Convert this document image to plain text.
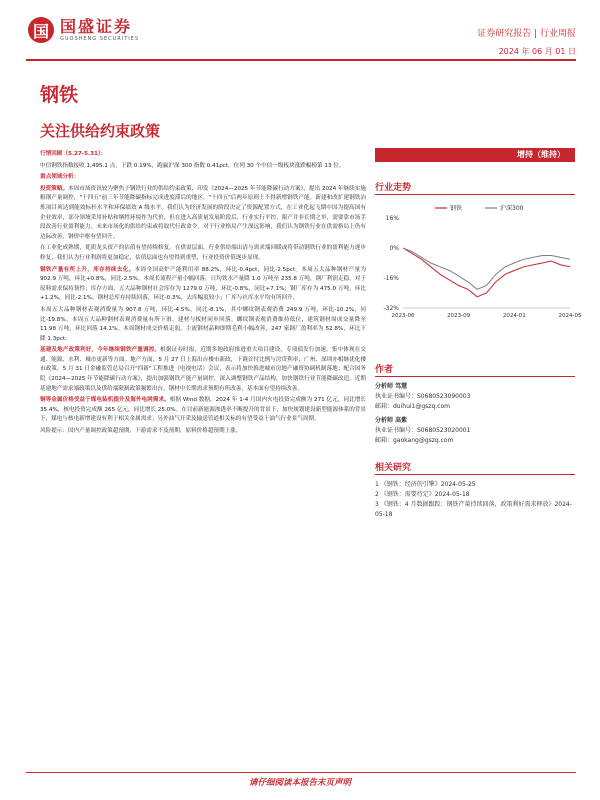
国 国盛证券
GUOSHENG SECURITIES	证券研究报告 | 行业周报
2024 年 06 月 01 日
钢铁
关注供给约束政策

行情回顾（5.27-5.31）：

中信钢铁指数报收 1,495.1 点，下跌 0.19%，跑赢沪深 300 指数 0.41pct，位列 30 个中信一级板块涨跌幅榜第 13 位。

重点领域分析：

投资策略。本周市场资讯较为聚焦于钢铁行业的供给约束政策，印发《2024—2025 年节能降碳行动方案》，提出 2024 年继续实施粗钢产量调控，"十四五"前三年节能降碳指标完成进度滞后的地区，"十四五"后两年原则上不得新增钢铁产能。新建和改扩建钢铁冶炼项目须达到能效标杆水平和环保绩效 A 级水平。我们认为经济发展的阶段决定了资源配置方式，在工业化起飞期中国为提高国有企业效率，部分领域采用补贴和牺牲环境作为代价，但在进入高质量发展阶段后，行业实行平控、限产并非长期之举，需要靠市场手段改善行业盈利能力。未来市场化的供给约束或将取代行政命令，对于行业格局产生深远影响，我们认为钢铁行业在供需格局上仍有边际改善，钢价中枢有望回升。

在工业化成熟期，优质龙头资产的估值有望持续修复。在供需层面，行业供给端出清与需求端回暖或将带动钢铁行业的盈利能力逐步修复，我们认为行业利润将更加稳定，估值层面也有望得到重塑，行业投资价值逐步显现。

钢铁产量有所上升，库存持续去化。本周全国高炉产能利用率 88.2%，环比-0.4pct，同比-2.5pct。本周五大品种钢材产量为 902.9 万吨，环比+0.8%，同比-2.5%。本周长流程产量小幅回落，日均铁水产量降 1.0 万吨至 235.8 万吨，钢厂利润走稳，对于原料需求保持韧性；库存方面，五大品种钢材社会库存为 1279.0 万吨，环比-0.8%，同比+7.1%；钢厂库存为 475.0 万吨，环比+1.2%，同比-2.1%。钢材总库存持续回落，环比-0.3%，去库幅度较小；厂库与社库水平均有所回升。

本周五大品种钢材表观消费量为 907.8 万吨，环比-4.5%，同比-8.1%，其中螺纹钢表观消费 249.9 万吨，环比-10.2%，同比-19.8%。本周五大品种钢材表观消费量有所下滑，建材与板材同步回落。螺纹钢表观消费维持低位，建筑钢材周成交量降至 11.98 万吨，环比回落 14.1%。本周钢材成交价格走弱，主流钢材品种即期毛利小幅改善，247 家钢厂盈利率为 52.8%，环比下降 1.3pct。

基建及地产政策利好，今年继续钢铁产量调控。根据证券时报，近期多地政府推进重大项目建设，专项债发行加速，集中体现在交通、能源、水利、城市更新等方面。地产方面，5 月 27 日上海出台楼市新政，下调首付比例与房贷利率；广州、深圳亦相继优化楼市政策。5 月 31 日金融监管总局召开"四新"工程推进（电视电话）会议，表示将加快推进城市房地产融资协调机制落地；配合国务院《2024—2025 年节能降碳行动方案》，提出加强钢铁产能产量调控，深入调整钢铁产品结构，加快钢铁行业节能降碳改造。近期基建地产需求端政策以及供给端限制政策频繁出台，钢材中长期需求预期有所改善，基本面有望持续改善。

铜等金属价格受益于煤电装机提升及海外电网需求。根据 Wind 数据，2024 年 1-4 月国内火电投资完成额为 271 亿元，同比增长 35.4%，核电投资完成额 265 亿元，同比增长 25.0%。在目前新能源渗透率不断提升的背景下，加快规划建设新型能源体系的背景下，煤电与核电新增建设有利于相关金属需求；另外油气开采及输送管道相关标的有望受益于油气行业景气周期。

风险提示：国内产量调控政策超预期，下游需求不及预期，原料价格超预期上涨。

增持（维持）
行业走势
16%
0%
-16%
-32%
2023-06	2023-09	2024-01	2024-05
钢铁	沪深300
作者
分析师 笃慧
执业证书编号：S0680523090003
邮箱：duihui1@gszq.com
分析师 高紫
执业证书编号：S0680523020001
邮箱：gaokang@gszq.com
相关研究
1 《钢铁：经济的引擎》2024-05-25
2 《钢铁：需要待定》2024-05-18
3 《钢铁：4 月数据跟踪：钢铁产量持续回落，政策利好需求释放》2024-05-18
请仔细阅读本报告末页声明
